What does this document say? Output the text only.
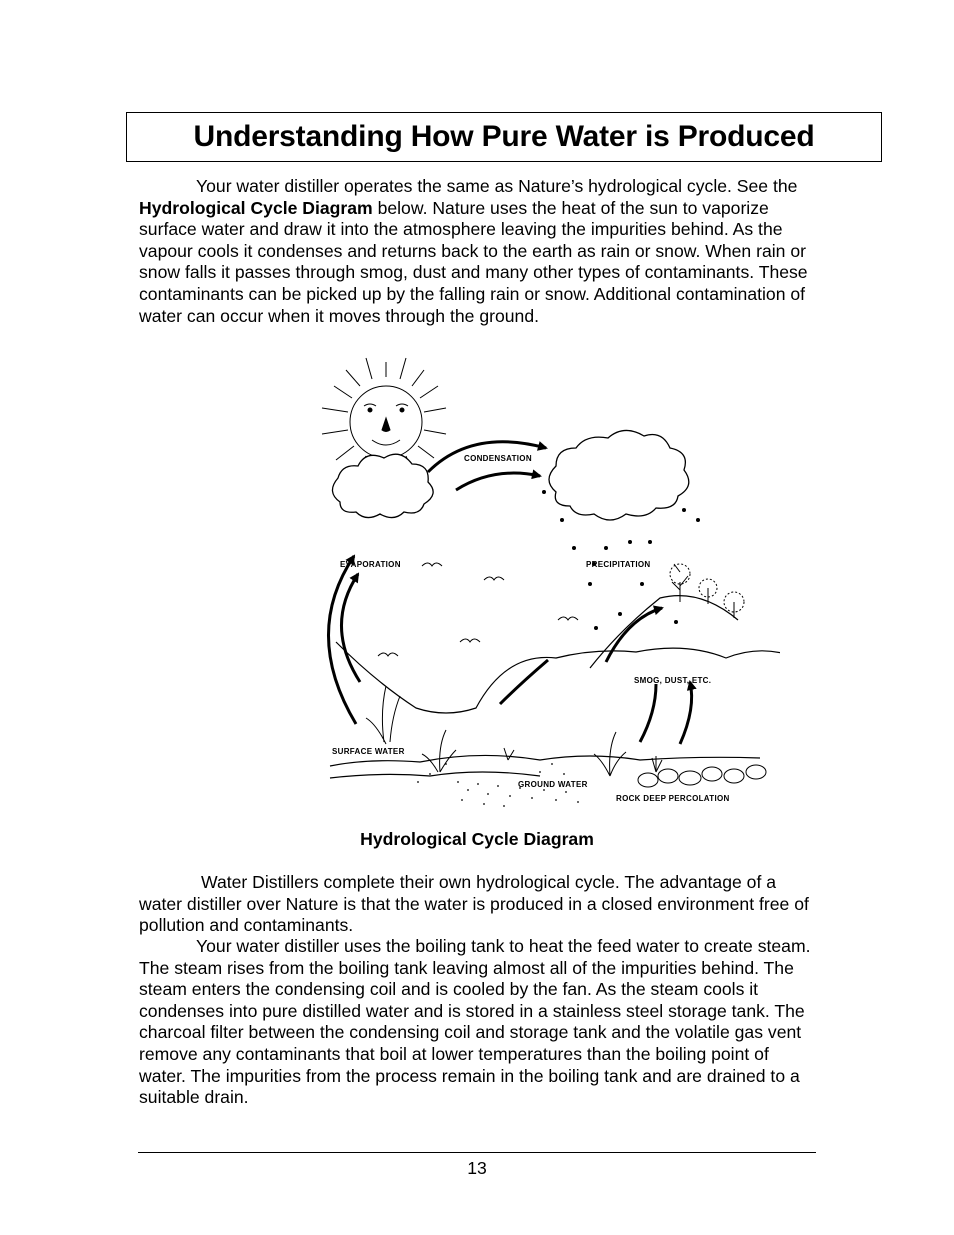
Understanding How Pure Water is Produced

Your water distiller operates the same as Nature’s hydrological cycle. See the Hydrological Cycle Diagram below. Nature uses the heat of the sun to vaporize surface water and draw it into the atmosphere leaving the impurities behind. As the vapour cools it condenses and returns back to the earth as rain or snow. When rain or snow falls it passes through smog, dust and many other types of contaminants. These contaminants can be picked up by the falling rain or snow. Additional contamination of water can occur when it moves through the ground.

CONDENSATION
EVAPORATION	PRECIPITATION
SMOG, DUST, ETC.
SURFACE WATER
GROUND WATER
ROCK DEEP PERCOLATION
Hydrological Cycle Diagram

Water Distillers complete their own hydrological cycle. The advantage of a water distiller over Nature is that the water is produced in a closed environment free of pollution and contaminants.

Your water distiller uses the boiling tank to heat the feed water to create steam. The steam rises from the boiling tank leaving almost all of the impurities behind. The steam enters the condensing coil and is cooled by the fan. As the steam cools it condenses into pure distilled water and is stored in a stainless steel storage tank. The charcoal filter between the condensing coil and storage tank and the volatile gas vent remove any contaminants that boil at lower temperatures than the boiling point of water. The impurities from the process remain in the boiling tank and are drained to a suitable drain.

13
